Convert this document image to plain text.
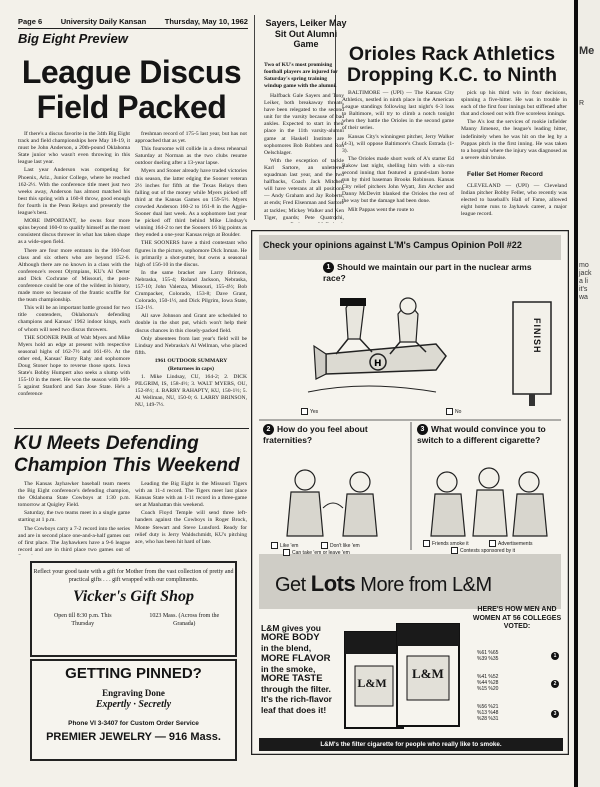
Page 6 University Daily Kansan Thursday, May 10, 1962
Big Eight Preview
League Discus Field Packed

If there's a discus favorite in the 34th Big Eight track and field championships here May 18-19, it must be John Anderson, a 20th-pound Oklahoma State junior who wasn't even throwing in this league last year.

Last year Anderson was competing for Phoenix, Ariz., Junior College, where he reached 162-2½. With the conference title meet just two weeks away, Anderson has almost matched his best this spring with a 160-8 throw, good enough for fourth in the Penn Relays and presently the league's best.

MORE IMPORTANT, he owns four more spins beyond 160-0 to qualify himself as the most consistent discus thrower in what has taken shape as a wide-open field.

There are four more entrants in the 160-foot class and six others who are beyond 152-6. Although there are no known in a class with the conference's recent Olympians, KU's Al Oerter and Dick Cochrane of Missouri, the post-conference could be one of the wildest in history, made more so because of the frantic scuffle for the team championship.

This will be an important battle ground for two title contenders, Oklahoma's defending champions and Kansas' 1962 indoor kings, each of whom will need two discus throwers.

THE SOONER PAIR of Walt Myers and Mike Myers hold an edge at present with respective seasonal highs of 162-7½ and 161-6½. At the other end, Kansas' Barry Rahy and sophomore Doug Stoner hope to reverse those spots. Iowa State's Bobby Humpert also seeks a slump with 155-10 in the meet. He won the season with 160-5 against Stanford and San Jose State. He's a conference

freshman record of 175-5 last year, but has not approached that as yet.

This foursome will collide in a dress rehearsal Saturday at Norman as the two clubs resume outdoor dueling after a 13-year lapse.

Myers and Stoner already have traded victories this season, the latter edging the Sooner veteran 2½ inches for fifth at the Texas Relays then falling out of the money while Myers picked off third at the Kansas Games on 159-5½. Myers crowded Anderson 160-2 to 161-8 in the Aggie-Sooner dual last week. As a sophomore last year he picked off third behind Mike Lindsay's winning 164-2 to net the Sooners 16 big points as they ended a one-year Kansas reign at Boulder.

THE SOONERS have a third contestant who figures in the picture, sophomore Dick Inman. He is primarily a shot-putter, but owns a seasonal high of 156-10 in the discus.

In the same bracket are Larry Brinson, Nebraska, 155-4; Roland Jackson, Nebraska, 157-10; John Valenza, Missouri, 155-4½; Bob Crumpacker, Colorado, 153-8; Dave Grant, Colorado, 150-1½, and Dick Pilgrim, Iowa State, 152-1½.

All save Johnson and Grant are scheduled to double in the shot put, which won't help their discus chances in this closely-packed field.

Only absentees from last year's field will be Lindsay and Nebraska's Al Wellman, who placed fifth.

1961 OUTDOOR SUMMARY

(Returnees in caps)

1. Mike Lindsay, CU, 164-2; 2. DICK PILGRIM, IS, 158-4½; 3. WALT MYERS, OU, 152-8½; 4. BARRY RAHAPTY, KU, 150-1½; 5. Al Wellman, NU, 150-0; 6. LARRY BRINSON, NU, 149-7½.

Sayers, Leiker May Sit Out Alumni Game
Two of KU's most promising football players are injured for Saturday's spring training windup game with the alumni.

Halfback Gale Sayers and Tony Leiker, both breakaway threats, have been relegated to the second unit for the varsity because of bad ankles. Expected to start in their place in the 11th varsity-alumni game at Haskell Institute are sophomores Bob Robben and Ron Oelschlager.

With the exception of tackle Karl Sartore, an unlettered squadman last year, and the two halfbacks, Coach Jack Mitchell will have veterans at all positions — Andy Graham and Jay Roberts, at ends; Fred Elsenman and Sartore at tackles; Mickey Walker and Ken Tiger, guards; Pete Quatrochi,

Orioles Rack Athletics Dropping K.C. to Ninth

BALTIMORE — (UPI) — The Kansas City Athletics, nestled in ninth place in the American League standings following last night's 6-3 loss to Baltimore, will try to climb a notch tonight when they battle the Orioles in the second game of their series.

Kansas City's winningest pitcher, Jerry Walker (4-3), will oppose Baltimore's Chuck Estrada (1-3).

The Orioles made short work of A's starter Ed Rakow last night, shelling him with a six-run second inning that featured a grand-slam home run by third baseman Brooks Robinson. Kansas City relief pitchers John Wyatt, Jim Archer and Danny McDevitt blanked the Orioles the rest of the way but the damage had been done.

Milt Pappas went the route to

pick up his third win in four decisions, spinning a five-hitter. He was in trouble in each of the first four innings but stiffened after that and closed out with five scoreless innings.

The A's lost the services of rookie infielder Manny Jimenez, the league's leading hitter, indefinitely when he was hit on the leg by a Pappas pitch in the first inning. He was taken to a hospital where the injury was diagnosed as a severe shin bruise.

Feller Set Homer Record

CLEVELAND — (UPI) — Cleveland Indian pitcher Bobby Feller, who recently was elected to baseball's Hall of Fame, allowed eight home runs to Jayhawk career, a major league record.

KU Meets Defending Champion This Weekend

The Kansas Jayhawker baseball team meets the Big Eight conference's defending champion, the Oklahoma State Cowboys at 1:30 p.m. tomorrow at Quigley Field.

Saturday, the two teams meet in a single game starting at 1 p.m.

The Cowboys carry a 7-2 record into the series and are in second place one-and-a-half games out of first place. The Jayhawkers have a 9-6 league record and are in third place two games out of

Leading the Big Eight is the Missouri Tigers with an 11-4 record. The Tigers meet last place Kansas State with an 1-11 record in a three-game set at Manhattan this weekend.

Coach Floyd Temple will send three left-handers against the Cowboys in Roger Brock, Monte Stewart and Steve Lunsford. Ready for relief duty is Jerry Waldschmidt, KU's pitching ace, who has been hit hard of late.

Reflect your good taste with a gift for Mother from the vast collection of pretty and practical gifts . . . gift wrapped with our compliments.
Vicker's Gift Shop
Open till 8:30 p.m. This Thursday
1023 Mass. (Across from the Granada)
GETTING PINNED?
Engraving Done
Expertly · Secretly
Phone VI 3-3407 for Custom Order Service
PREMIER JEWELRY — 916 Mass.
H
FINISH
Check your opinions against L'M's Campus Opinion Poll #22
1 Should we maintain our part in the nuclear arms race?
Yes	No
2 How do you feel about fraternities?
3 What would convince you to switch to a different cigarette?
Like 'em	Don't like 'em
Can take 'em or leave 'em
Friends smoke it	Advertisements
Contests sponsored by it
Get Lots More from L&M
L&M gives you
MORE BODY
in the blend,
MORE FLAVOR
in the smoke,
MORE TASTE
through the filter.
It's the rich-flavor
leaf that does it!
L&M
L&M
HERE'S HOW MEN AND WOMEN AT 56 COLLEGES VOTED:
1
%61 %65
%39 %35
2
%41 %52
%44 %28
%15 %20
3
%56 %21
%13 %48
%28 %31
L&M's the filter cigarette for people who really like to smoke.
Me
R
mo
jack
a li
it's
wa
